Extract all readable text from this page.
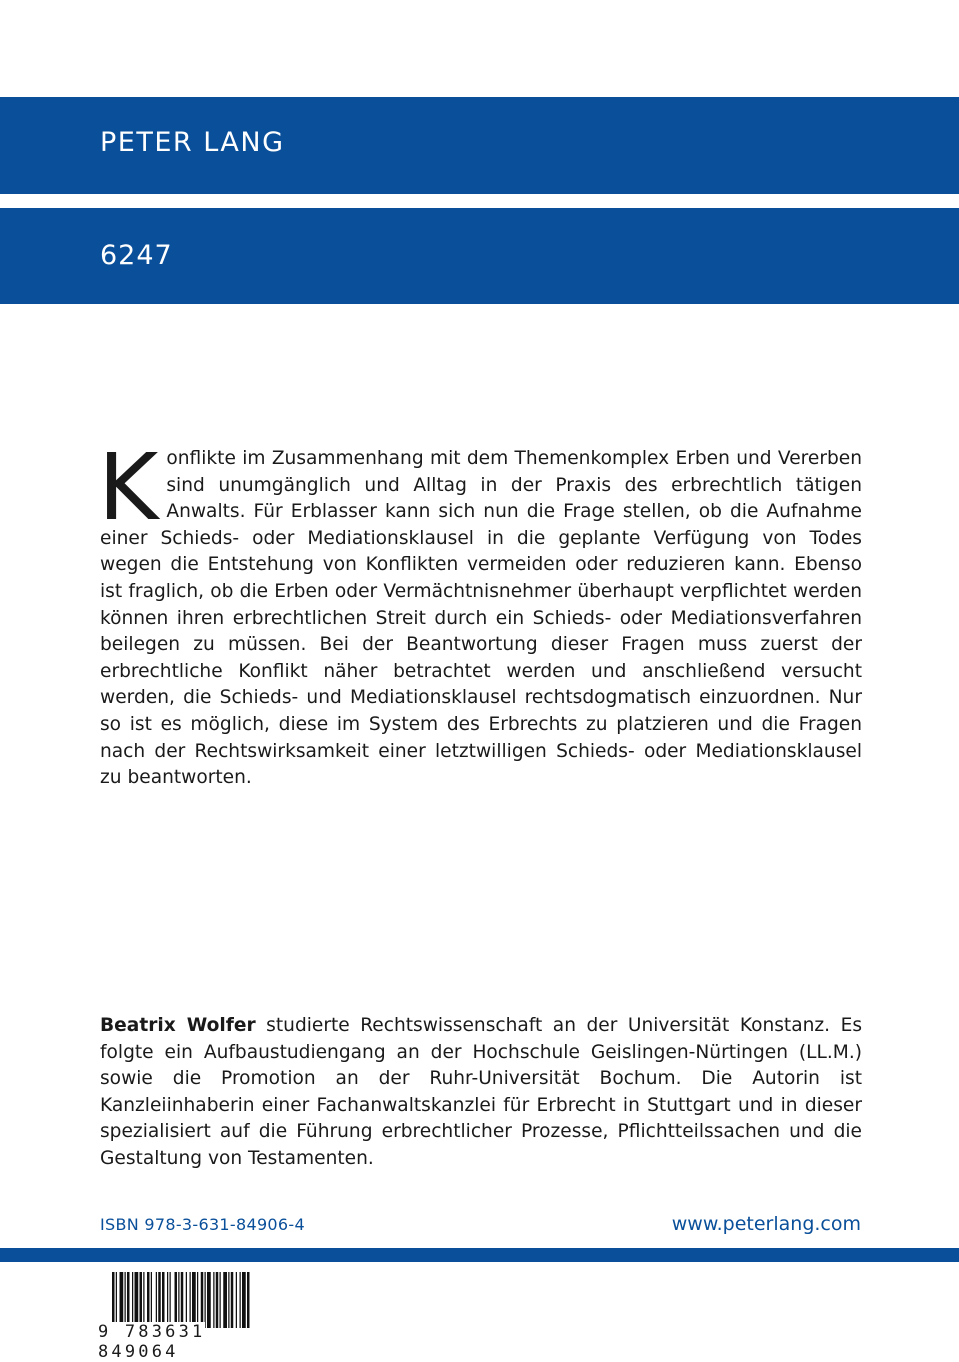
PETER LANG
6247
Konflikte im Zusammenhang mit dem Themenkomplex Erben und Vererben sind unumgänglich und Alltag in der Praxis des erbrechtlich tätigen Anwalts. Für Erblasser kann sich nun die Frage stellen, ob die Aufnahme einer Schieds- oder Mediationsklausel in die geplante Verfügung von Todes wegen die Entstehung von Konflikten vermeiden oder reduzieren kann. Ebenso ist fraglich, ob die Erben oder Vermächtnisnehmer überhaupt verpflichtet werden können ihren erbrechtlichen Streit durch ein Schieds- oder Mediationsverfahren beilegen zu müssen. Bei der Beantwortung dieser Fragen muss zuerst der erbrechtliche Konflikt näher betrachtet werden und anschließend versucht werden, die Schieds- und Mediationsklausel rechtsdogmatisch einzuordnen. Nur so ist es möglich, diese im System des Erbrechts zu platzieren und die Fragen nach der Rechtswirksamkeit einer letztwilligen Schieds- oder Mediationsklausel zu beantworten.
Beatrix Wolfer studierte Rechtswissenschaft an der Universität Konstanz. Es folgte ein Aufbaustudiengang an der Hochschule Geislingen-Nürtingen (LL.M.) sowie die Promotion an der Ruhr-Universität Bochum. Die Autorin ist Kanzleiinhaberin einer Fachanwaltskanzlei für Erbrecht in Stuttgart und in dieser spezialisiert auf die Führung erbrechtlicher Prozesse, Pflichtteilssachen und die Gestaltung von Testamenten.
ISBN 978-3-631-84906-4	www.peterlang.com
9 783631 849064
